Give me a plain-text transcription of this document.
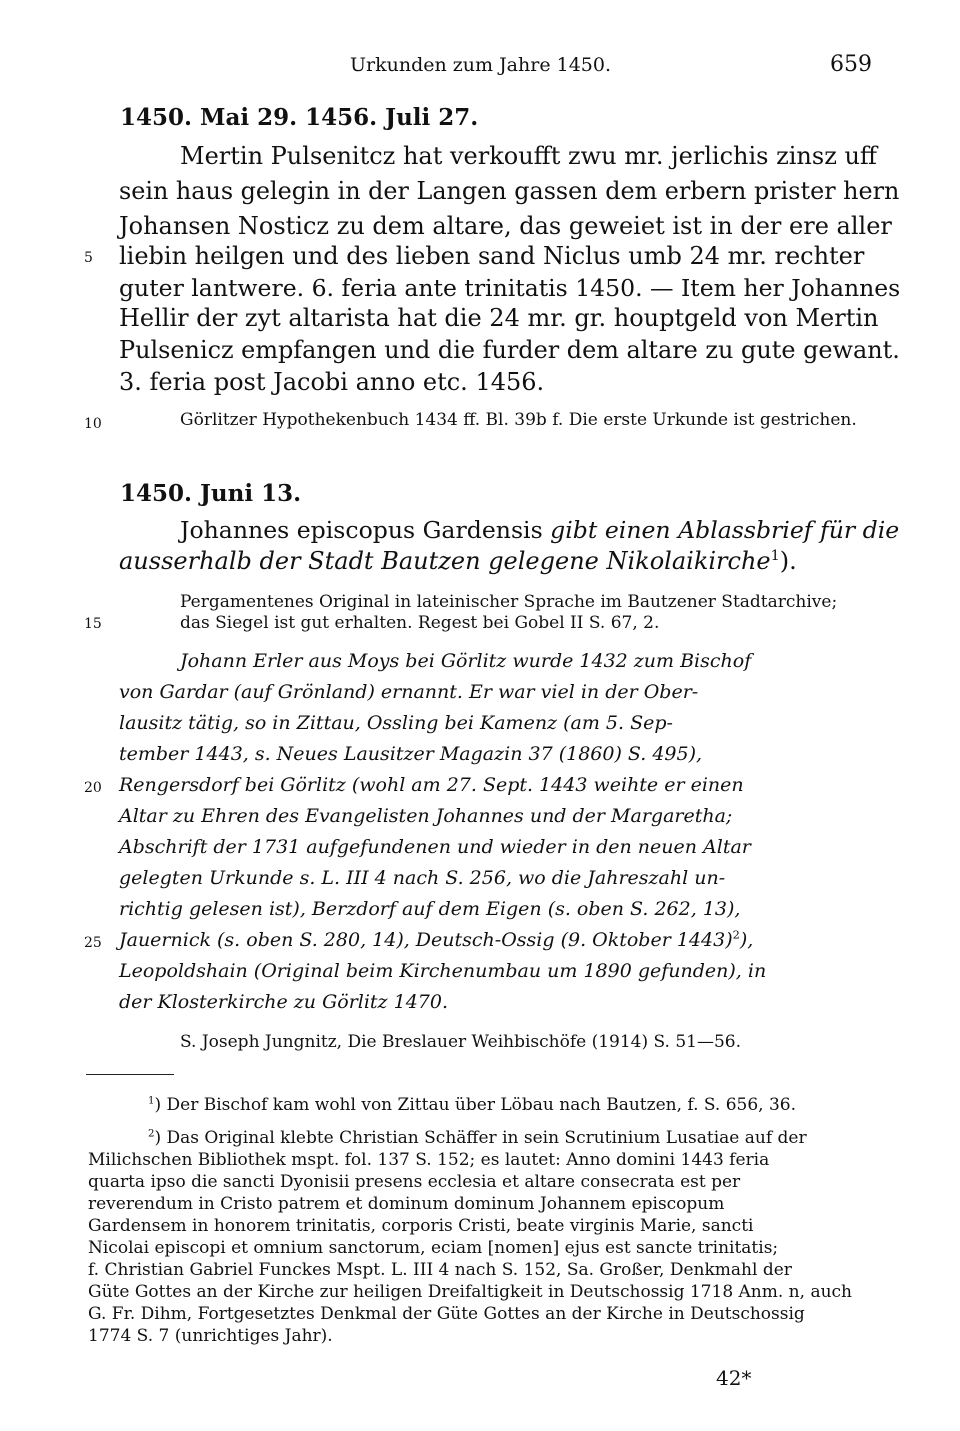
Urkunden zum Jahre 1450.	659
1450. Mai 29. 1456. Juli 27.
Mertin Pulsenitcz hat verkoufft zwu mr. jerlichis zinsz uff
sein haus gelegin in der Langen gassen dem erbern prister hern
Johansen Nosticz zu dem altare, das geweiet ist in der ere aller
5 liebin heilgen und des lieben sand Niclus umb 24 mr. rechter
guter lantwere. 6. feria ante trinitatis 1450. — Item her Johannes
Hellir der zyt altarista hat die 24 mr. gr. houptgeld von Mertin
Pulsenicz empfangen und die furder dem altare zu gute gewant.
3. feria post Jacobi anno etc. 1456.
10	Görlitzer Hypothekenbuch 1434 ff. Bl. 39b f. Die erste Urkunde ist gestrichen.
1450. Juni 13.
Johannes episcopus Gardensis gibt einen Ablassbrief für die
ausserhalb der Stadt Bautzen gelegene Nikolaikirche$^1$).
Pergamentenes Original in lateinischer Sprache im Bautzener Stadtarchive;
15	das Siegel ist gut erhalten. Regest bei Gobel II S. 67, 2.
Johann Erler aus Moys bei Görlitz wurde 1432 zum Bischof
von Gardar (auf Grönland) ernannt. Er war viel in der Ober-
lausitz tätig, so in Zittau, Ossling bei Kamenz (am 5. Sep-
tember 1443, s. Neues Lausitzer Magazin 37 (1860) S. 495),
20 Rengersdorf bei Görlitz (wohl am 27. Sept. 1443 weihte er einen
Altar zu Ehren des Evangelisten Johannes und der Margaretha;
Abschrift der 1731 aufgefundenen und wieder in den neuen Altar
gelegten Urkunde s. L. III 4 nach S. 256, wo die Jahreszahl un-
richtig gelesen ist), Berzdorf auf dem Eigen (s. oben S. 262, 13),
25 Jauernick (s. oben S. 280, 14), Deutsch-Ossig (9. Oktober 1443)$^2$),
Leopoldshain (Original beim Kirchenumbau um 1890 gefunden), in
der Klosterkirche zu Görlitz 1470.
S. Joseph Jungnitz, Die Breslauer Weihbischöfe (1914) S. 51—56.
$^1$) Der Bischof kam wohl von Zittau über Löbau nach Bautzen, f. S. 656, 36.
$^2$) Das Original klebte Christian Schäffer in sein Scrutinium Lusatiae auf der
Milichschen Bibliothek mspt. fol. 137 S. 152; es lautet: Anno domini 1443 feria
quarta ipso die sancti Dyonisii presens ecclesia et altare consecrata est per
reverendum in Cristo patrem et dominum dominum Johannem episcopum
Gardensem in honorem trinitatis, corporis Cristi, beate virginis Marie, sancti
Nicolai episcopi et omnium sanctorum, eciam [nomen] ejus est sancte trinitatis;
f. Christian Gabriel Funckes Mspt. L. III 4 nach S. 152, Sa. Großer, Denkmahl der
Güte Gottes an der Kirche zur heiligen Dreifaltigkeit in Deutschossig 1718 Anm. n, auch
G. Fr. Dihm, Fortgesetztes Denkmal der Güte Gottes an der Kirche in Deutschossig
1774 S. 7 (unrichtiges Jahr).
42*
